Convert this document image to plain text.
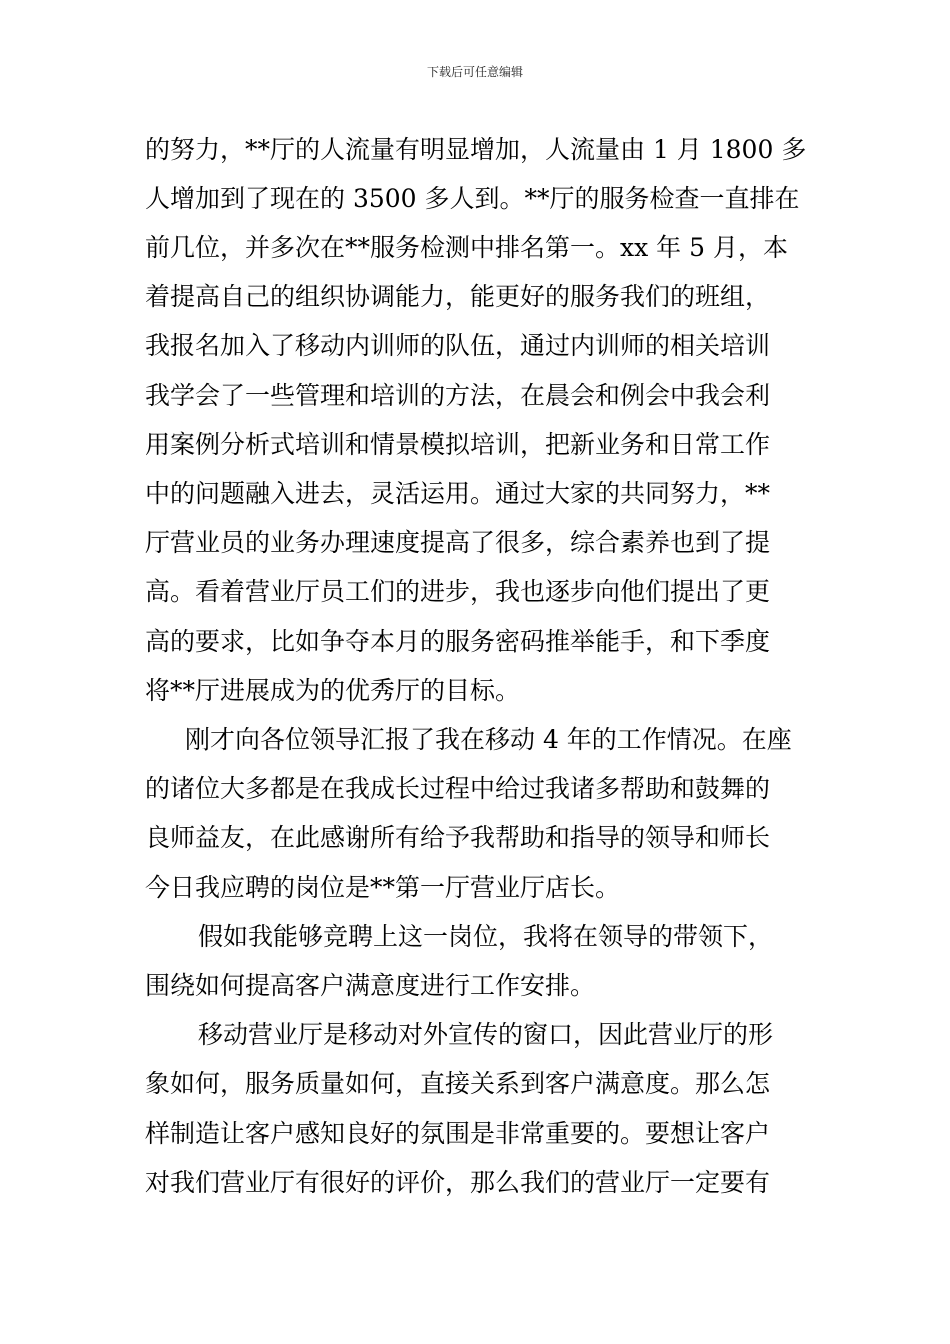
下载后可任意编辑
的努力，**厅的人流量有明显增加，人流量由 1 月 1800 多
人增加到了现在的 3500 多人到。**厅的服务检查一直排在
前几位，并多次在**服务检测中排名第一。xx 年 5 月，本
着提高自己的组织协调能力，能更好的服务我们的班组，
我报名加入了移动内训师的队伍，通过内训师的相关培训
我学会了一些管理和培训的方法，在晨会和例会中我会利
用案例分析式培训和情景模拟培训，把新业务和日常工作
中的问题融入进去，灵活运用。通过大家的共同努力，**
厅营业员的业务办理速度提高了很多，综合素养也到了提
高。看着营业厅员工们的进步，我也逐步向他们提出了更
高的要求，比如争夺本月的服务密码推举能手，和下季度
将**厅进展成为的优秀厅的目标。
刚才向各位领导汇报了我在移动 4 年的工作情况。在座
的诸位大多都是在我成长过程中给过我诸多帮助和鼓舞的
良师益友，在此感谢所有给予我帮助和指导的领导和师长
今日我应聘的岗位是**第一厅营业厅店长。
假如我能够竞聘上这一岗位，我将在领导的带领下，
围绕如何提高客户满意度进行工作安排。
移动营业厅是移动对外宣传的窗口，因此营业厅的形
象如何，服务质量如何，直接关系到客户满意度。那么怎
样制造让客户感知良好的氛围是非常重要的。要想让客户
对我们营业厅有很好的评价，那么我们的营业厅一定要有
